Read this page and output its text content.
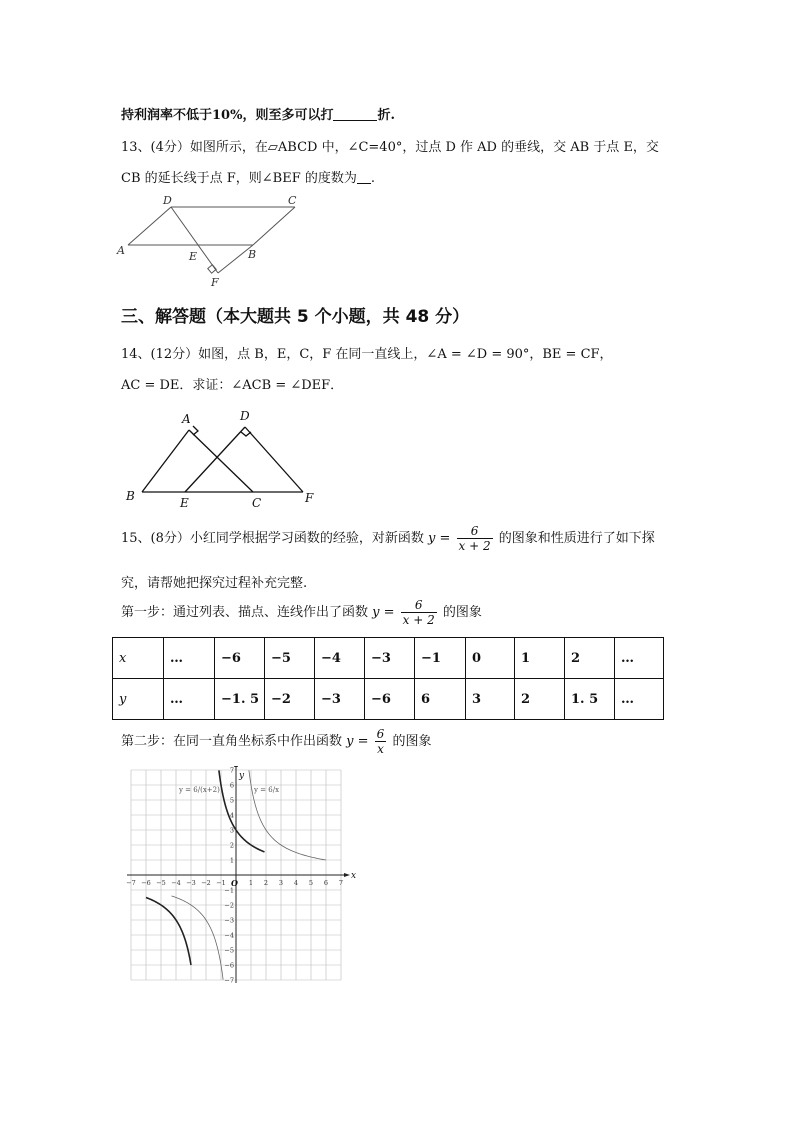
持利润率不低于10%，则至多可以打	折.
13、(4分）如图所示，在▱ABCD 中，∠C=40°，过点 D 作 AD 的垂线，交 AB 于点 E，交
CB 的延长线于点 F，则∠BEF 的度数为 .
A
D	C
B
E
F
三、解答题（本大题共 5 个小题，共 48 分）
14、(12分）如图，点 B，E，C，F 在同一直线上，∠A = ∠D = 90°，BE = CF，
AC = DE．求证：∠ACB = ∠DEF．
A	D
B	E	C	F
15、(8分）小红同学根据学习函数的经验，对新函数 $y = \frac{6}{x + 2}$ 的图象和性质进行了如下探
究，请帮她把探究过程补充完整.
第一步：通过列表、描点、连线作出了函数 $y = \frac{6}{x + 2}$ 的图象
x	…	−6	−5	−4	−3	−1	0	1	2	…
y	…	−1. 5	−2	−3	−6	6	3	2	1. 5	…
第二步：在同一直角坐标系中作出函数 $y = \frac{6}{x}$ 的图象
−7 −6 −5 −4 −3 −2 −1	1 2 3 4 5 6 7
7
6
5
4
3
2
1
−1
−2
−3
−4
−5
−6
−7
y = 6/(x+2)	y = 6/x
x
y
O
